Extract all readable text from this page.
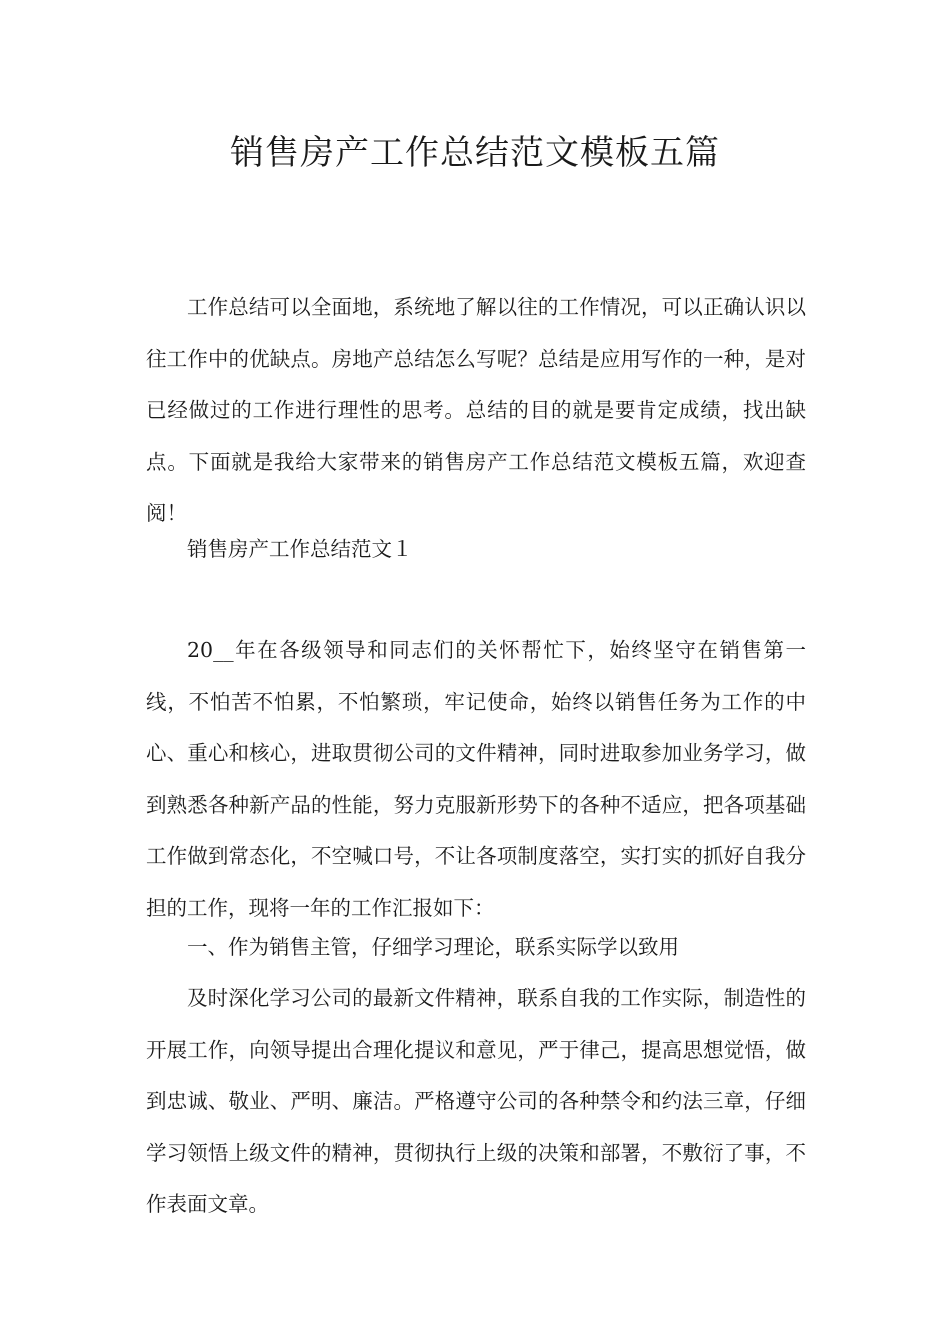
销售房产工作总结范文模板五篇

工作总结可以全面地，系统地了解以往的工作情况，可以正确认识以往工作中的优缺点。房地产总结怎么写呢？总结是应用写作的一种，是对已经做过的工作进行理性的思考。总结的目的就是要肯定成绩，找出缺点。下面就是我给大家带来的销售房产工作总结范文模板五篇，欢迎查阅！

销售房产工作总结范文１

20__年在各级领导和同志们的关怀帮忙下，始终坚守在销售第一线，不怕苦不怕累，不怕繁琐，牢记使命，始终以销售任务为工作的中心、重心和核心，进取贯彻公司的文件精神，同时进取参加业务学习，做到熟悉各种新产品的性能，努力克服新形势下的各种不适应，把各项基础工作做到常态化，不空喊口号，不让各项制度落空，实打实的抓好自我分担的工作，现将一年的工作汇报如下：

一、作为销售主管，仔细学习理论，联系实际学以致用

及时深化学习公司的最新文件精神，联系自我的工作实际，制造性的开展工作，向领导提出合理化提议和意见，严于律己，提高思想觉悟，做到忠诚、敬业、严明、廉洁。严格遵守公司的各种禁令和约法三章，仔细学习领悟上级文件的精神，贯彻执行上级的决策和部署，不敷衍了事，不作表面文章。
